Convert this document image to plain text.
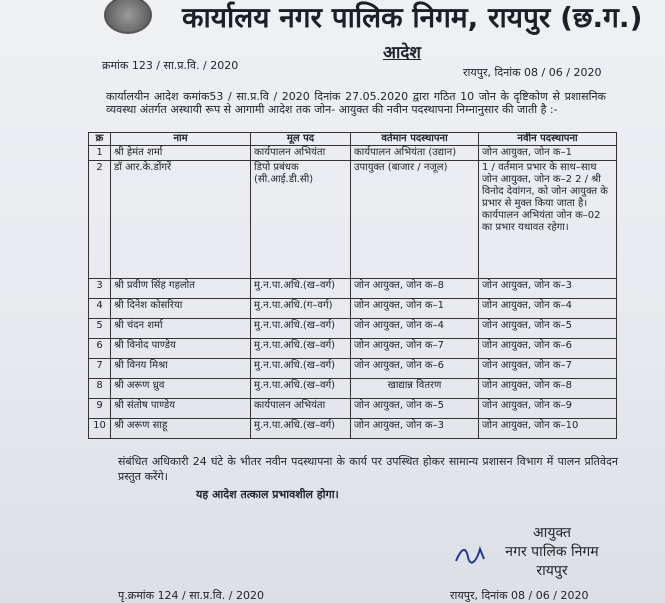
कार्यालय नगर पालिक निगम, रायपुर (छ.ग.)
आदेश
क्रमांक 123 / सा.प्र.वि. / 2020
रायपुर, दिनांक 08 / 06 / 2020
कार्यालयीन आदेश कमांक53 / सा.प्र.वि / 2020 दिनांक 27.05.2020 द्वारा गठित 10 जोन के दृष्टिकोण से प्रशासनिक व्यवस्था अंतर्गत अस्थायी रूप से आगामी आदेश तक जोन- आयुक्त की नवीन पदस्थापना निम्नानुसार की जाती है :-
क्र	नाम	मूल पद	वर्तमान पदस्थापना	नवीन पदस्थापना
1	श्री हेमंत शर्मा	कार्यपालन अभियंता	कार्यपालन अभियंता (उद्यान)	जोन आयुक्त, जोन क–1
2	डॉ आर.के.डोंगरें	डिपो प्रबंधक (सी.आई.डी.सी)	उपायुक्त (बाजार / नजूल)	1 / वर्तमान प्रभार के साथ–साथ जोन आयुक्त, जोन क–2 2 / श्री विनोद देवांगन, को जोन आयुक्त के प्रभार से मुक्त किया जाता है। कार्यपालन अभियंता जोन क–02 का प्रभार यथावत रहेगा।
3	श्री प्रवीण सिंह गहलोत	मु.न.पा.अधि.(ख–वर्ग)	जोन आयुक्त, जोन क–8	जोन आयुक्त, जोन क–3
4	श्री दिनेश कोसरिया	मु.न.पा.अधि.(ग–वर्ग)	जोन आयुक्त, जोन क–1	जोन आयुक्त, जोन क–4
5	श्री चंदन शर्मा	मु.न.पा.अधि.(ख–वर्ग)	जोन आयुक्त, जोन क–4	जोन आयुक्त, जोन क–5
6	श्री विनोद पाण्डेय	मु.न.पा.अधि.(ख–वर्ग)	जोन आयुक्त, जोन क–7	जोन आयुक्त, जोन क–6
7	श्री विनय मिश्रा	मु.न.पा.अधि.(ख–वर्ग)	जोन आयुक्त, जोन क–6	जोन आयुक्त, जोन क–7
8	श्री अरूण ध्रुव	मु.न.पा.अधि.(ख–वर्ग)	खाद्यान्न वितरण	जोन आयुक्त, जोन क–8
9	श्री संतोष पाण्डेय	कार्यपालन अभियंता	जोन आयुक्त, जोन क–5	जोन आयुक्त, जोन क–9
10	श्री अरूण साहू	मु.न.पा.अधि.(ख–वर्ग)	जोन आयुक्त, जोन क–3	जोन आयुक्त, जोन क–10
संबंधित अधिकारी 24 घंटे के भीतर नवीन पदस्थापना के कार्य पर उपस्थित होकर सामान्य प्रशासन विभाग में पालन प्रतिवेदन प्रस्तुत करेंगे।
यह आदेश तत्काल प्रभावशील होगा।
आयुक्त
नगर पालिक निगम
रायपुर
पृ.क्रमांक 124 / सा.प्र.वि. / 2020	रायपुर, दिनांक 08 / 06 / 2020
